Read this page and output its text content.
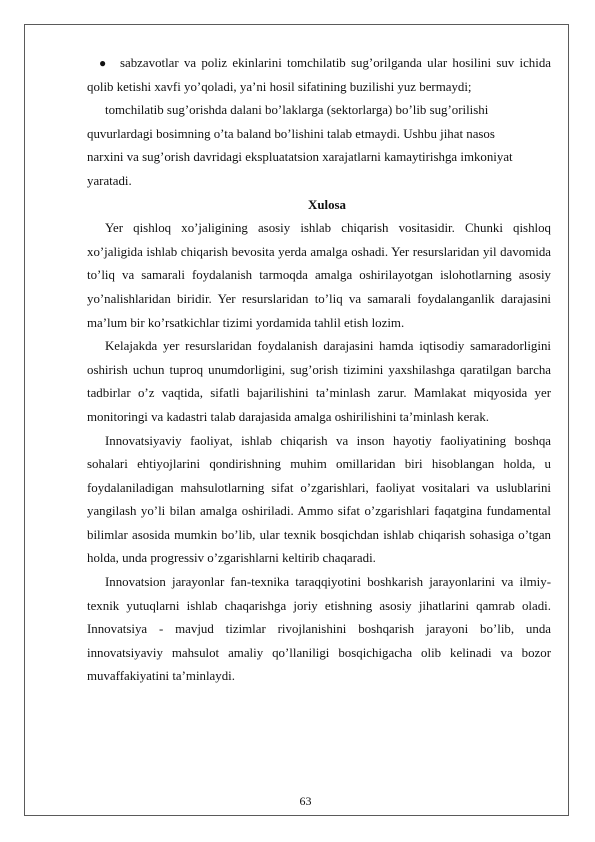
● sabzavotlar va poliz ekinlarini tomchilatib sug’orilganda ular hosilini suv ichida qolib ketishi xavfi yo’qoladi, ya’ni hosil sifatining buzilishi yuz bermaydi;

tomchilatib sug’orishda dalani bo’laklarga (sektorlarga) bo’lib sug’orilishi

quvurlardagi bosimning o’ta baland bo’lishini talab etmaydi. Ushbu jihat nasos

narxini va sug’orish davridagi ekspluatatsion xarajatlarni kamaytirishga imkoniyat

yaratadi.

Xulosa

Yer qishloq xo’jaligining asosiy ishlab chiqarish vositasidir. Chunki qishloq xo’jaligida ishlab chiqarish bevosita yerda amalga oshadi. Yer resurslaridan yil davomida to’liq va samarali foydalanish tarmoqda amalga oshirilayotgan islohotlarning asosiy yo’nalishlaridan biridir. Yer resurslaridan to’liq va samarali foydalanganlik darajasini ma’lum bir ko’rsatkichlar tizimi yordamida tahlil etish lozim.

Kelajakda yer resurslaridan foydalanish darajasini hamda iqtisodiy samaradorligini oshirish uchun tuproq unumdorligini, sug’orish tizimini yaxshilashga qaratilgan barcha tadbirlar o’z vaqtida, sifatli bajarilishini ta’minlash zarur. Mamlakat miqyosida yer monitoringi va kadastri talab darajasida amalga oshirilishini ta’minlash kerak.

Innovatsiyaviy faoliyat, ishlab chiqarish va inson hayotiy faoliyatining boshqa sohalari ehtiyojlarini qondirishning muhim omillaridan biri hisoblangan holda, u foydalaniladigan mahsulotlarning sifat o’zgarishlari, faoliyat vositalari va uslublarini yangilash yo’li bilan amalga oshiriladi. Ammo sifat o’zgarishlari faqatgina fundamental bilimlar asosida mumkin bo’lib, ular texnik bosqichdan ishlab chiqarish sohasiga o’tgan holda, unda progressiv o’zgarishlarni keltirib chaqaradi.

Innovatsion jarayonlar fan-texnika taraqqiyotini boshkarish jarayonlarini va ilmiy-texnik yutuqlarni ishlab chaqarishga joriy etishning asosiy jihatlarini qamrab oladi. Innovatsiya - mavjud tizimlar rivojlanishini boshqarish jarayoni bo’lib, unda innovatsiyaviy mahsulot amaliy qo’llaniligi bosqichigacha olib kelinadi va bozor muvaffakiyatini ta’minlaydi.

63
